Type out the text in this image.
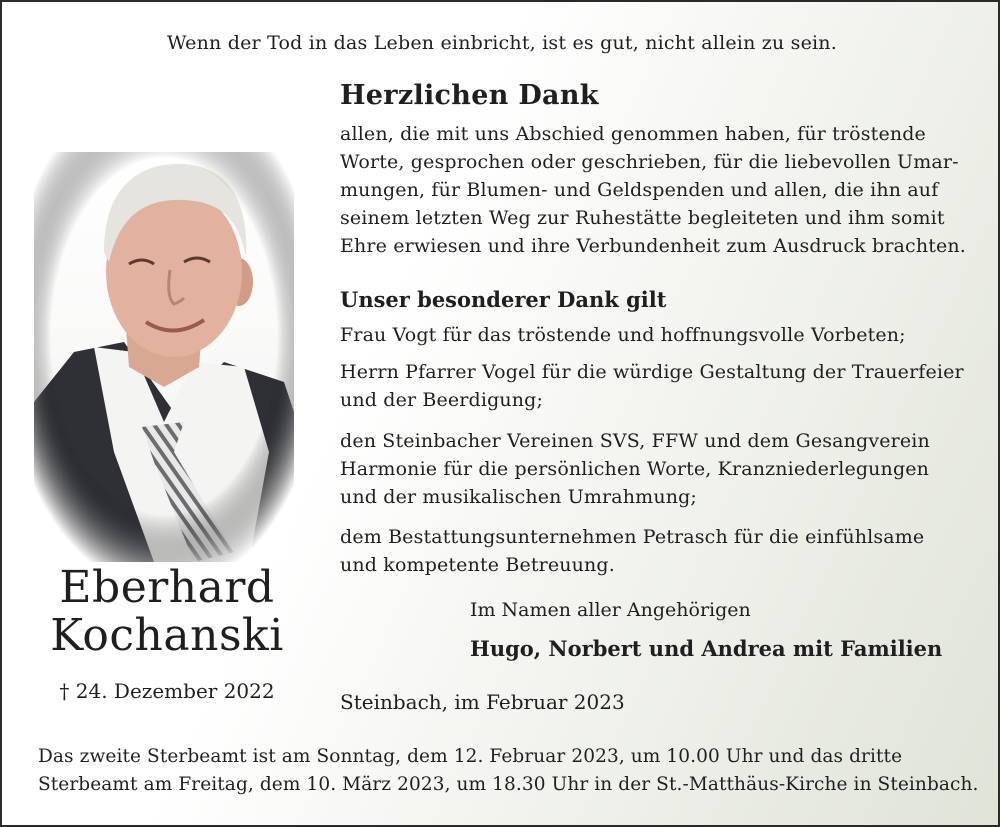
Wenn der Tod in das Leben einbricht, ist es gut, nicht allein zu sein.

Herzlichen Dank
allen, die mit uns Abschied genommen haben, für tröstende
Worte, gesprochen oder geschrieben, für die liebevollen Umar-
mungen, für Blumen- und Geldspenden und allen, die ihn auf
seinem letzten Weg zur Ruhestätte begleiteten und ihm somit
Ehre erwiesen und ihre Verbundenheit zum Ausdruck brachten.
Unser besonderer Dank gilt
Frau Vogt für das tröstende und hoffnungsvolle Vorbeten;
Herrn Pfarrer Vogel für die würdige Gestaltung der Trauerfeier
und der Beerdigung;
den Steinbacher Vereinen SVS, FFW und dem Gesangverein
Harmonie für die persönlichen Worte, Kranzniederlegungen
und der musikalischen Umrahmung;
dem Bestattungsunternehmen Petrasch für die einfühlsame
und kompetente Betreuung.

Im Namen aller Angehörigen

Hugo, Norbert und Andrea mit Familien

Steinbach, im Februar 2023

Eberhard
Kochanski

† 24. Dezember 2022

Das zweite Sterbeamt ist am Sonntag, dem 12. Februar 2023, um 10.00 Uhr und das dritte
Sterbeamt am Freitag, dem 10. März 2023, um 18.30 Uhr in der St.-Matthäus-Kirche in Steinbach.
